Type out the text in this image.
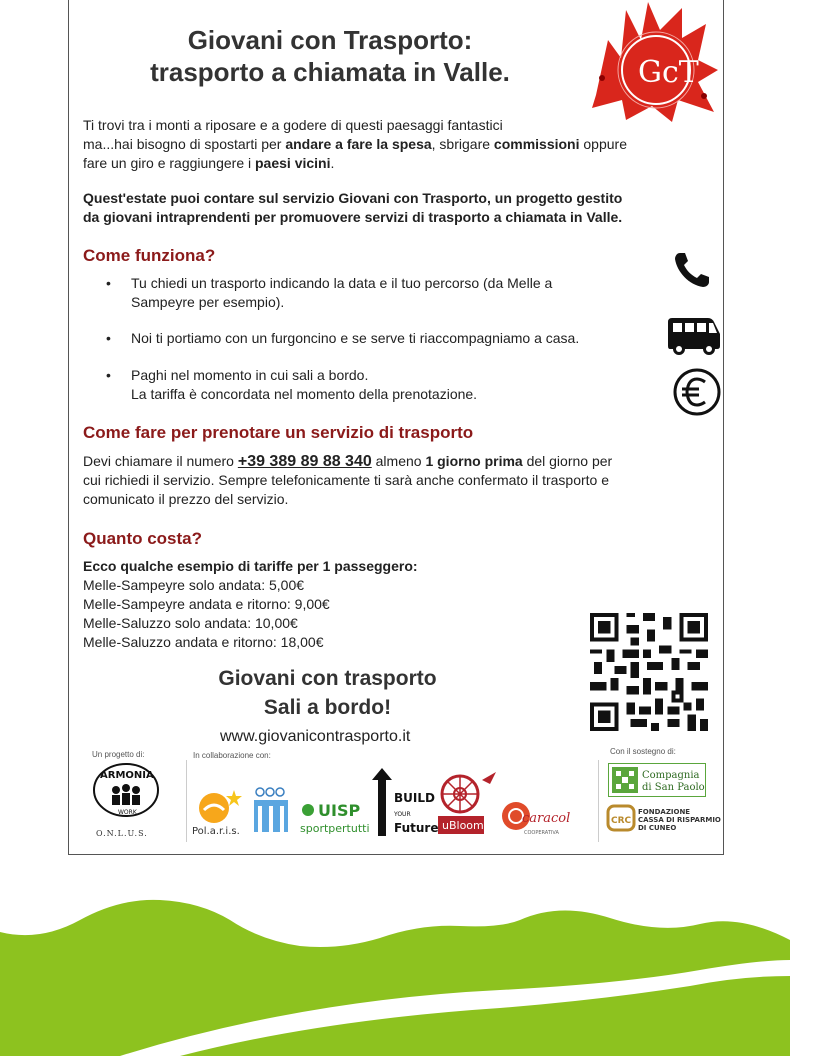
Giovani con Trasporto:
trasporto a chiamata in Valle.	GcT
Ti trovi tra i monti a riposare e a godere di questi paesaggi fantastici
ma...hai bisogno di spostarti per andare a fare la spesa, sbrigare commissioni oppure
fare un giro e raggiungere i paesi vicini.
Quest'estate puoi contare sul servizio Giovani con Trasporto, un progetto gestito
da giovani intraprendenti per promuovere servizi di trasporto a chiamata in Valle.
Come funziona?
• Tu chiedi un trasporto indicando la data e il tuo percorso (da Melle a
Sampeyre per esempio).
• Noi ti portiamo con un furgoncino e se serve ti riaccompagniamo a casa.
• Paghi nel momento in cui sali a bordo.
La tariffa è concordata nel momento della prenotazione.
Come fare per prenotare un servizio di trasporto
Devi chiamare il numero +39 389 89 88 340 almeno 1 giorno prima del giorno per
cui richiedi il servizio. Sempre telefonicamente ti sarà anche confermato il trasporto e
comunicato il prezzo del servizio.
Quanto costa?
Ecco qualche esempio di tariffe per 1 passeggero:
Melle-Sampeyre solo andata: 5,00€
Melle-Sampeyre andata e ritorno: 9,00€
Melle-Saluzzo solo andata: 10,00€
Melle-Saluzzo andata e ritorno: 18,00€
Giovani con trasporto
Sali a bordo!
www.giovanicontrasporto.it
Un progetto di:	In collaborazione con:	Con il sostegno di:
ARMONIA
WORK
O.N.L.U.S.	Pol.a.r.i.s.
UISP
sportpertutti
BUILD
YOUR
Future uBloom	caracol
COOPERATIVA
Compagnia
di San Paolo
CRC
FONDAZIONE
CASSA DI RISPARMIO
DI CUNEO
